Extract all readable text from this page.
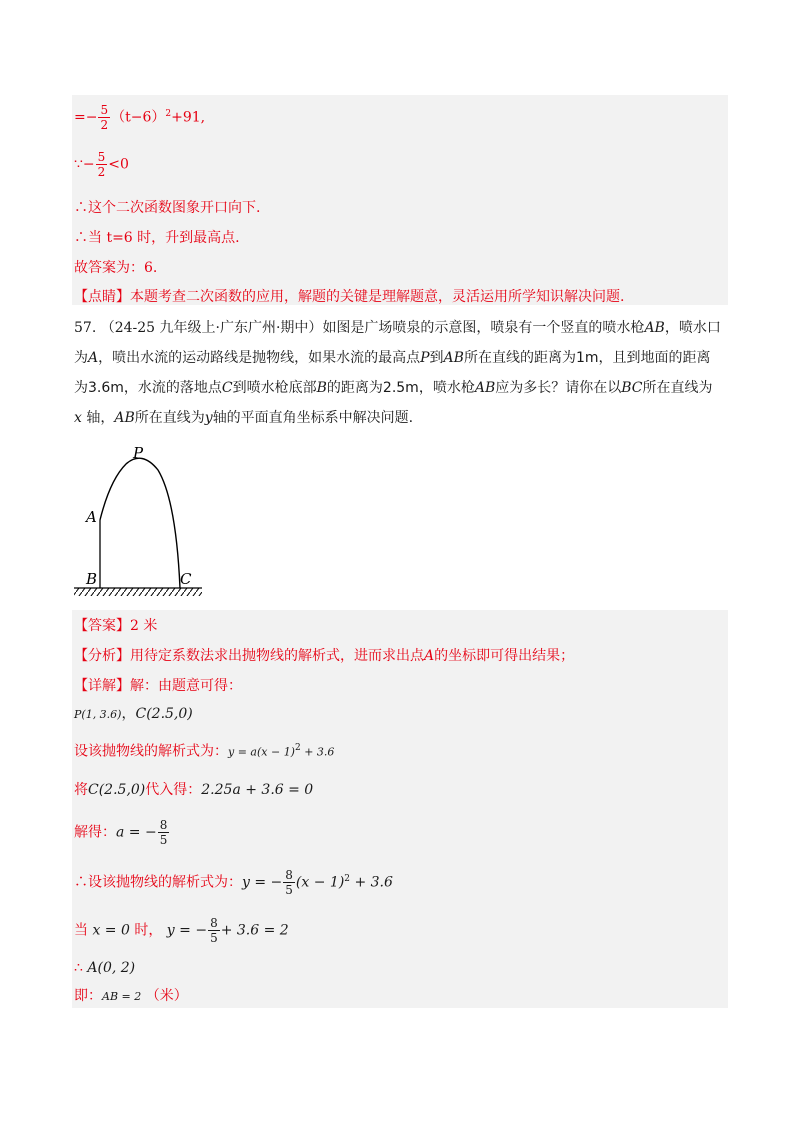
=− $\frac{5}{2} (t-6)^2+91$,
∵− $\frac{5}{2} <0$
∴这个二次函数图象开口向下.
∴当 t=6 时，升到最高点.
故答案为：6.
【点睛】本题考查二次函数的应用，解题的关键是理解题意，灵活运用所学知识解决问题.
57. （24-25 九年级上·广东广州·期中）如图是广场喷泉的示意图，喷泉有一个竖直的喷水枪AB，喷水口
为A，喷出水流的运动路线是抛物线，如果水流的最高点P到AB所在直线的距离为1m，且到地面的距离
为3.6m，水流的落地点C到喷水枪底部B的距离为2.5m，喷水枪AB应为多长？请你在以BC所在直线为
x 轴，AB所在直线为y轴的平面直角坐标系中解决问题.
P
A
B	C
【答案】2 米
【分析】用待定系数法求出抛物线的解析式，进而求出点A的坐标即可得出结果；
【详解】解：由题意可得：
P(1, 3.6)，C(2.5,0)
设该抛物线的解析式为：$y = a(x - 1)^2 + 3.6$
将C(2.5,0)代入得：2.25a + 3.6 = 0
解得：a = − $\frac{8}{5}$
∴设该抛物线的解析式为：y = − $\frac{8}{5} (x - 1)^2 + 3.6$
当 x = 0 时， y = − $\frac{8}{5} + 3.6 = 2$
∴ A(0, 2)
即：AB = 2 （米）
